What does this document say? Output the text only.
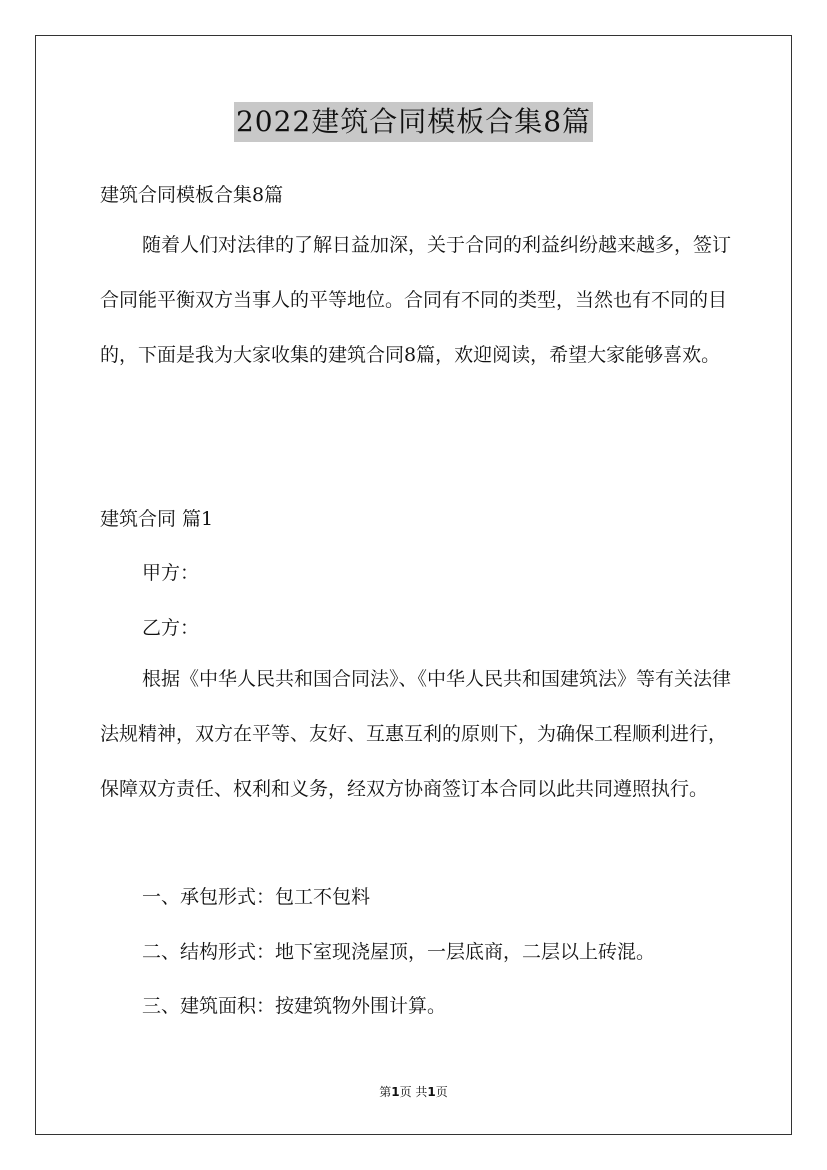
2022建筑合同模板合集8篇
建筑合同模板合集8篇

随着人们对法律的了解日益加深，关于合同的利益纠纷越来越多，签订合同能平衡双方当事人的平等地位。合同有不同的类型，当然也有不同的目的，下面是我为大家收集的建筑合同8篇，欢迎阅读，希望大家能够喜欢。

建筑合同 篇1
甲方：
乙方：

根据《中华人民共和国合同法》、《中华人民共和国建筑法》等有关法律法规精神，双方在平等、友好、互惠互利的原则下，为确保工程顺利进行，保障双方责任、权利和义务，经双方协商签订本合同以此共同遵照执行。

一、承包形式：包工不包料
二、结构形式：地下室现浇屋顶，一层底商，二层以上砖混。
三、建筑面积：按建筑物外围计算。
第1页 共1页
